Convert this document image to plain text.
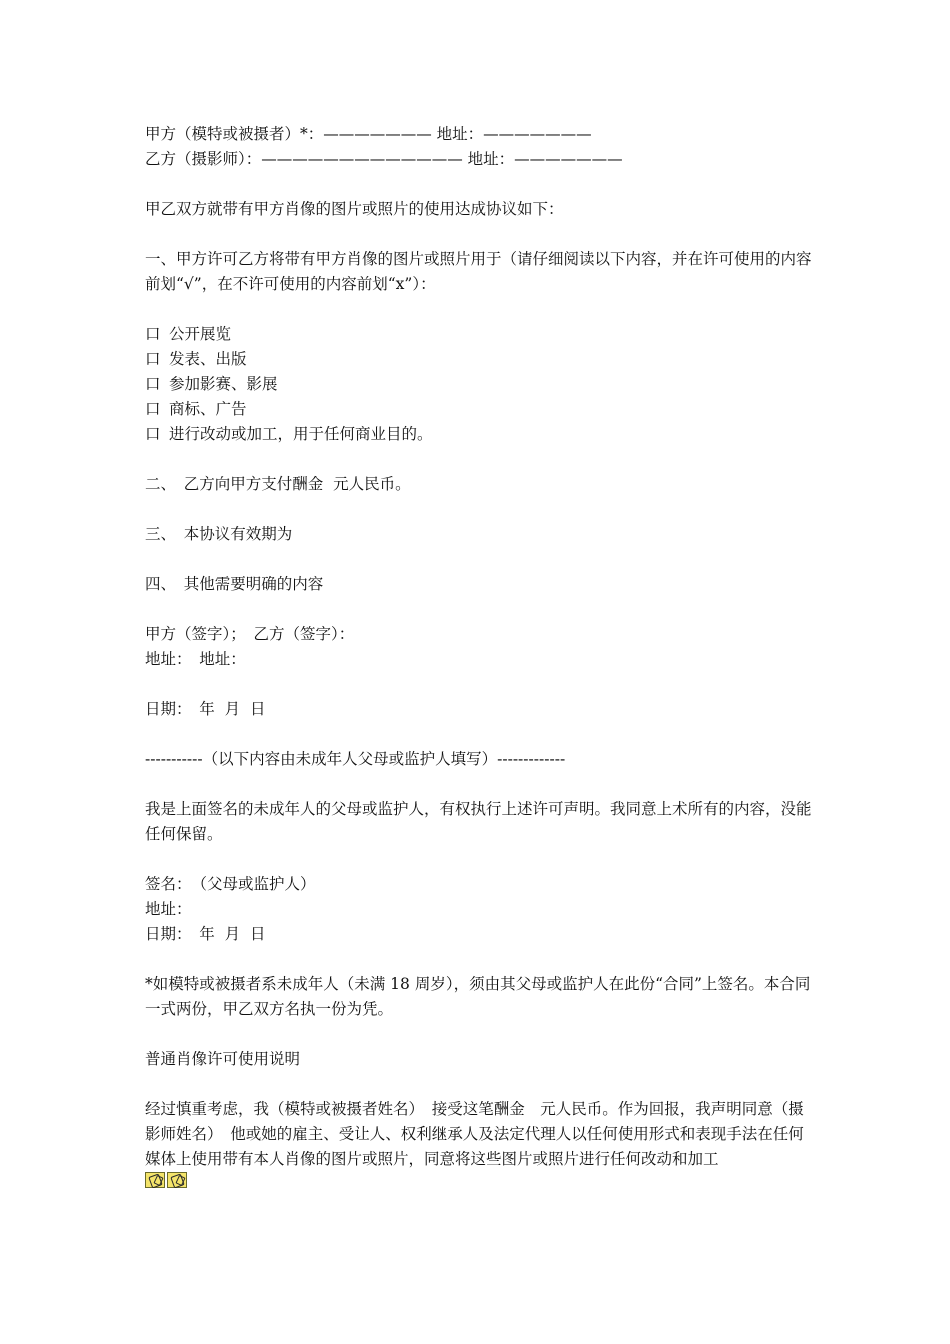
甲方（模特或被摄者）*：——————— 地址：———————
乙方（摄影师）：————————————— 地址：———————
甲乙双方就带有甲方肖像的图片或照片的使用达成协议如下：
一、甲方许可乙方将带有甲方肖像的图片或照片用于（请仔细阅读以下内容，并在许可使用的内容前划“√”，在不许可使用的内容前划“x”）：
口 公开展览
口 发表、出版
口 参加影赛、影展
口 商标、广告
口 进行改动或加工，用于任何商业目的。
二、　乙方向甲方支付酬金  元人民币。
三、　本协议有效期为
四、　其他需要明确的内容
甲方（签字）；　乙方（签字）：
地址：　地址：
日期：　年  月  日
-----------（以下内容由未成年人父母或监护人填写）-------------
我是上面签名的未成年人的父母或监护人，有权执行上述许可声明。我同意上术所有的内容，没能任何保留。
签名：　（父母或监护人）
地址：
日期：　年  月  日
*如模特或被摄者系未成年人（未满 18 周岁），须由其父母或监护人在此份“合同”上签名。本合同一式两份，甲乙双方名执一份为凭。
普通肖像许可使用说明
经过慎重考虑，我（模特或被摄者姓名）　接受这笔酬金　元人民币。作为回报，我声明同意（摄影师姓名）　他或她的雇主、受让人、权利继承人及法定代理人以任何使用形式和表现手法在任何媒体上使用带有本人肖像的图片或照片，同意将这些图片或照片进行任何改动和加工
